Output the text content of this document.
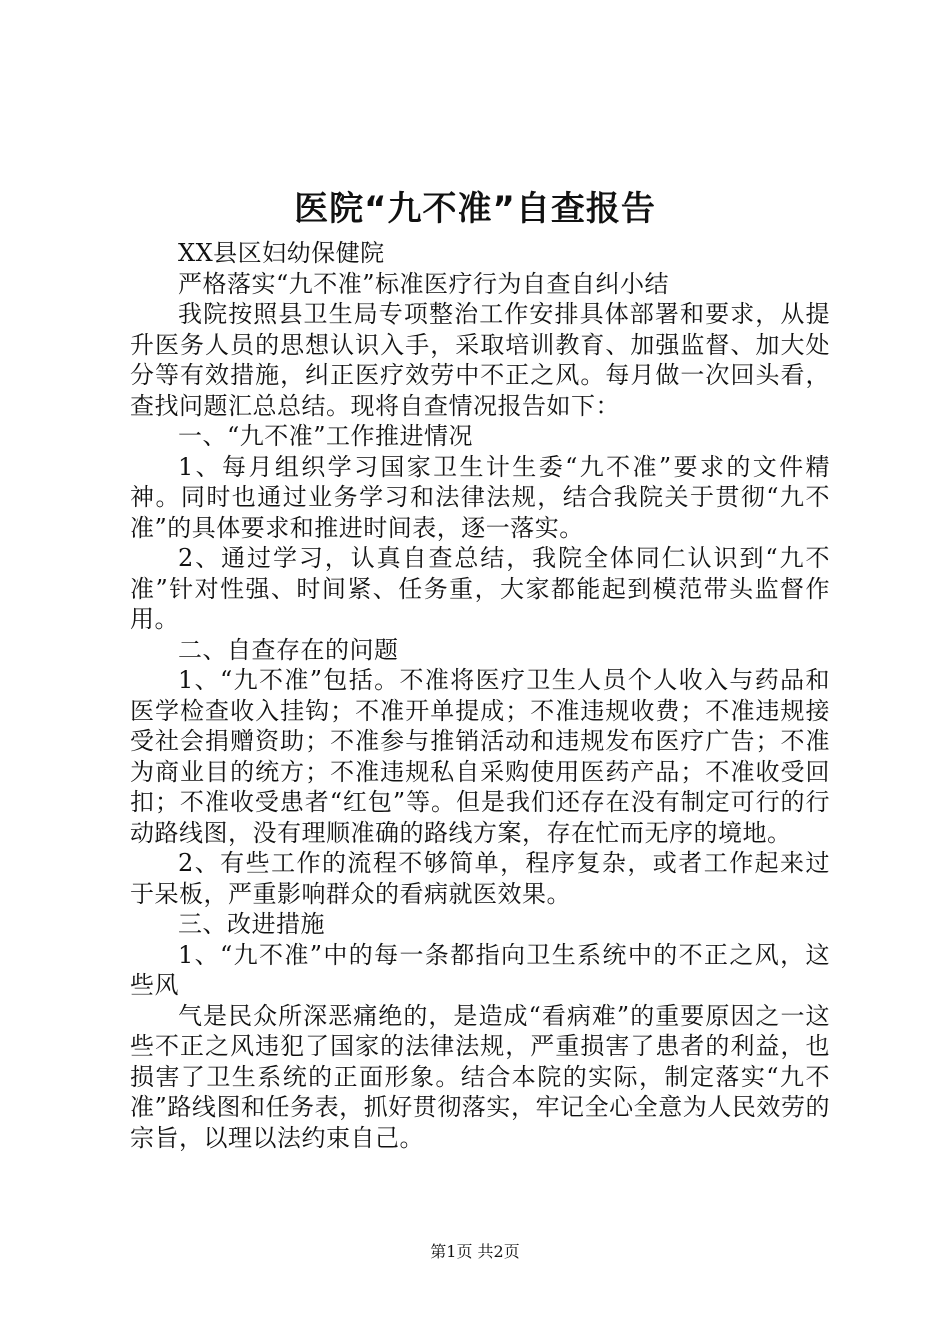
医院“九不准”自查报告

XX县区妇幼保健院

严格落实“九不准”标准医疗行为自查自纠小结

我院按照县卫生局专项整治工作安排具体部署和要求，从提升医务人员的思想认识入手，采取培训教育、加强监督、加大处分等有效措施，纠正医疗效劳中不正之风。每月做一次回头看，查找问题汇总总结。现将自查情况报告如下：

一、“九不准”工作推进情况

1、每月组织学习国家卫生计生委“九不准”要求的文件精神。同时也通过业务学习和法律法规，结合我院关于贯彻“九不准”的具体要求和推进时间表，逐一落实。

2、通过学习，认真自查总结，我院全体同仁认识到“九不准”针对性强、时间紧、任务重，大家都能起到模范带头监督作用。

二、自查存在的问题

1、“九不准”包括。不准将医疗卫生人员个人收入与药品和医学检查收入挂钩；不准开单提成；不准违规收费；不准违规接受社会捐赠资助；不准参与推销活动和违规发布医疗广告；不准为商业目的统方；不准违规私自采购使用医药产品；不准收受回扣；不准收受患者“红包”等。但是我们还存在没有制定可行的行动路线图，没有理顺准确的路线方案，存在忙而无序的境地。

2、有些工作的流程不够简单，程序复杂，或者工作起来过于呆板，严重影响群众的看病就医效果。

三、改进措施

1、“九不准”中的每一条都指向卫生系统中的不正之风，这些风

气是民众所深恶痛绝的，是造成“看病难”的重要原因之一这些不正之风违犯了国家的法律法规，严重损害了患者的利益，也损害了卫生系统的正面形象。结合本院的实际，制定落实“九不准”路线图和任务表，抓好贯彻落实，牢记全心全意为人民效劳的宗旨，以理以法约束自己。

第1页 共2页
